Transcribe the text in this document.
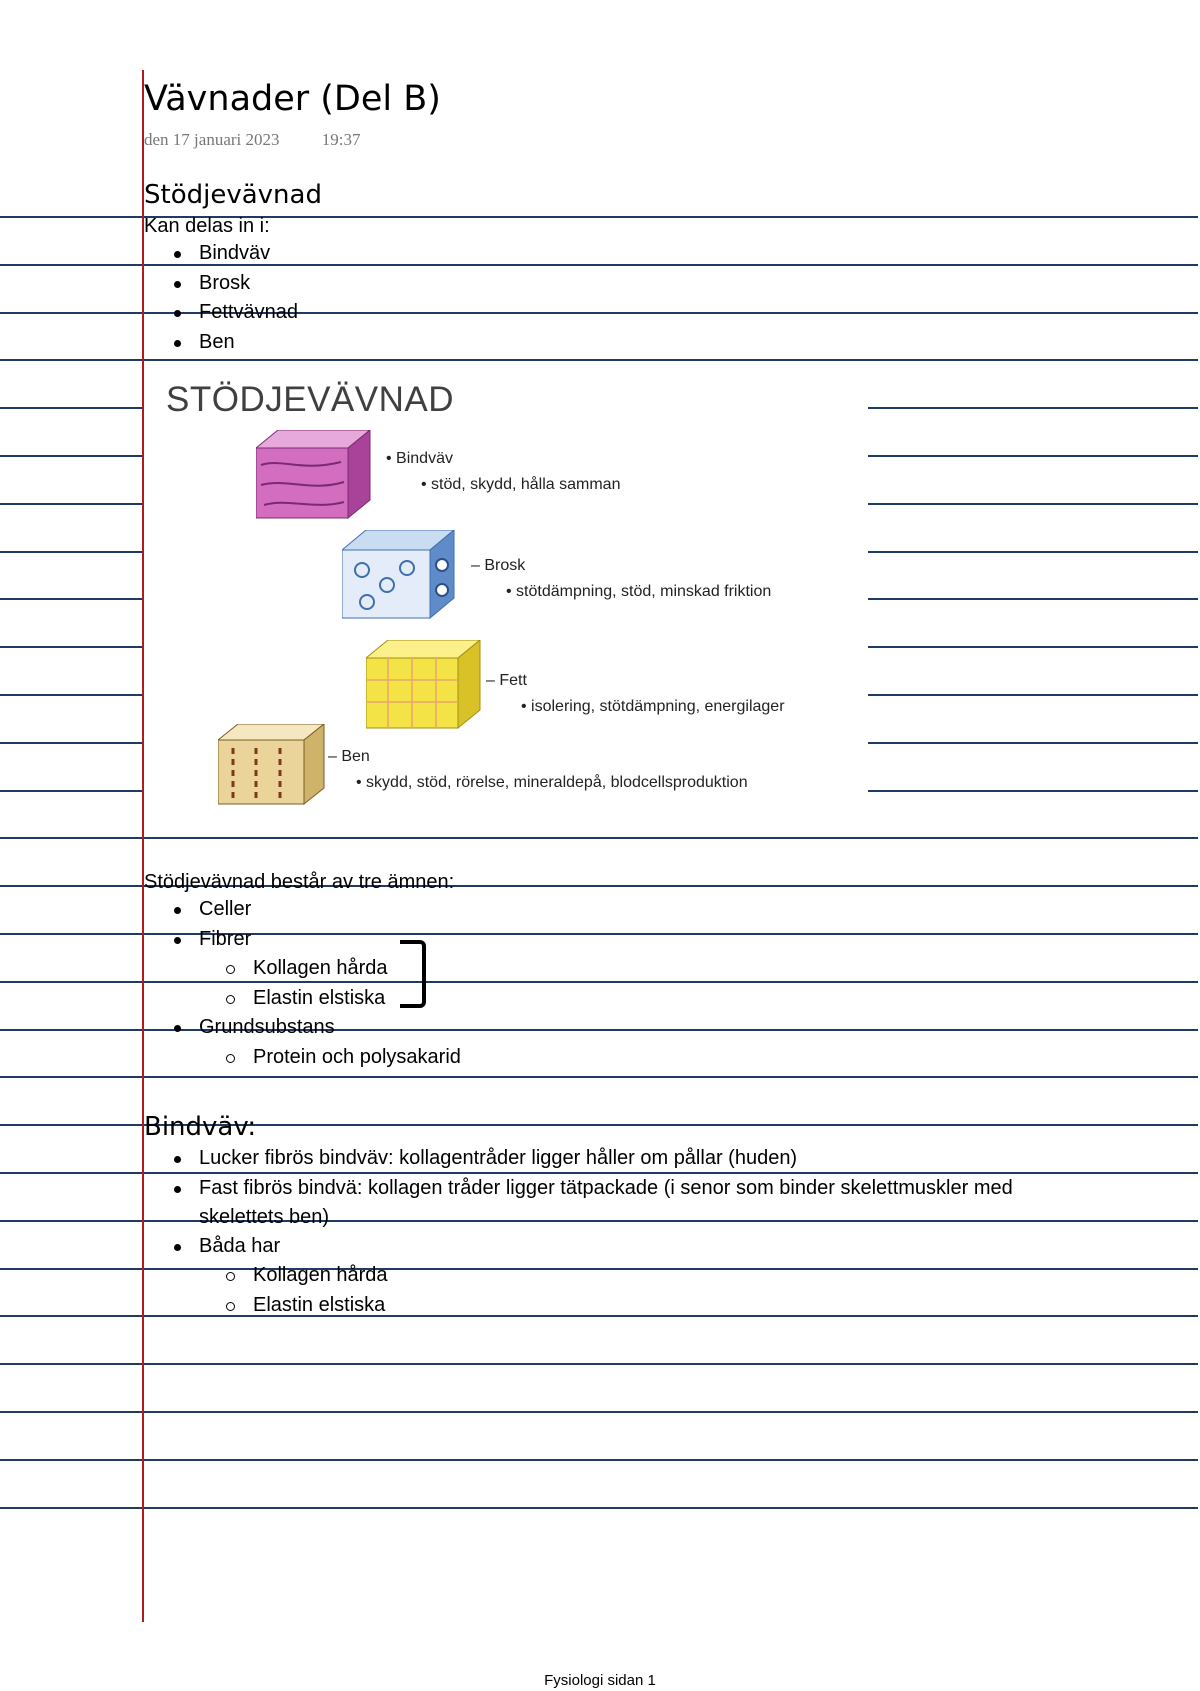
Vävnader (Del B)
den 17 januari 2023 19:37
Stödjevävnad
Kan delas in i:
Bindväv
Brosk
Fettvävnad
Ben
STÖDJEVÄVNAD
• Bindväv
• stöd, skydd, hålla samman
– Brosk
• stötdämpning, stöd, minskad friktion
– Fett
• isolering, stötdämpning, energilager
– Ben
• skydd, stöd, rörelse, mineraldepå, blodcellsproduktion
Stödjevävnad består av tre ämnen:
Celler
Fibrer
Kollagen hårda
Elastin elstiska
Grundsubstans
Protein och polysakarid
Bindväv:
Lucker fibrös bindväv: kollagentråder ligger håller om pållar (huden)
Fast fibrös bindvä: kollagen tråder ligger tätpackade (i senor som binder skelettmuskler med skelettets ben)
Båda har
Kollagen hårda
Elastin elstiska
Fysiologi sidan 1
